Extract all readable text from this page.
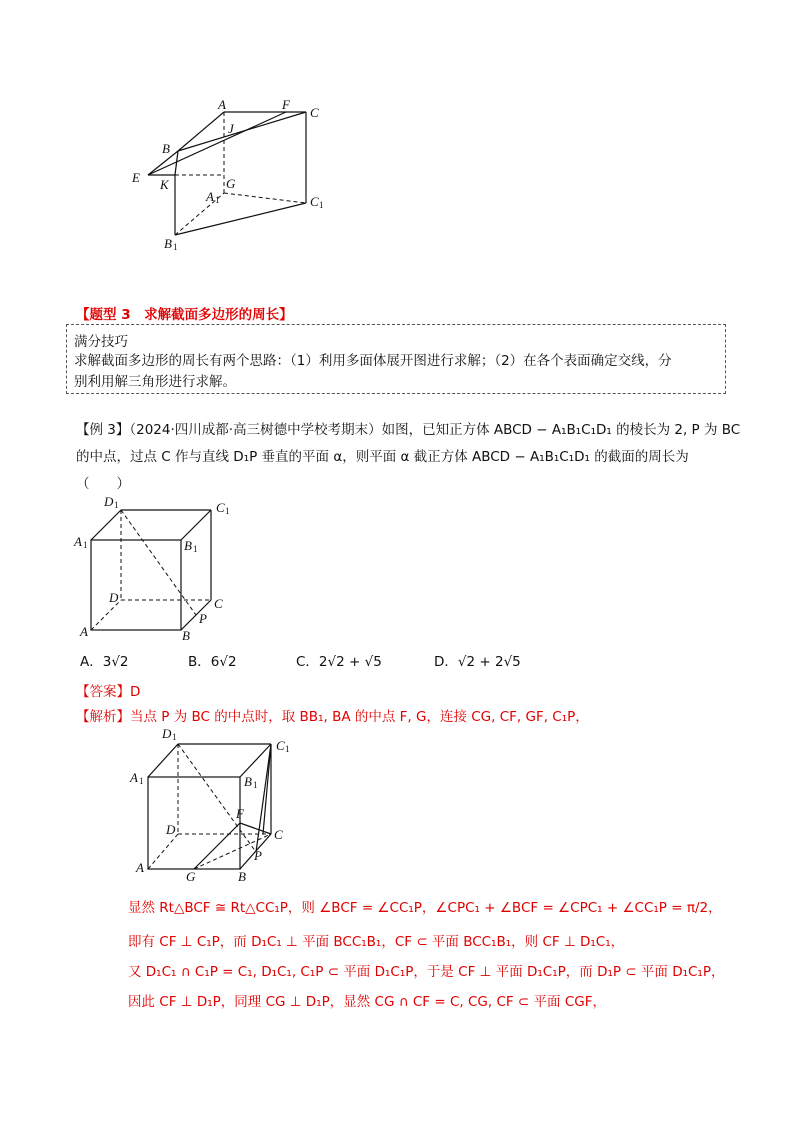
A	F
C
J
B
E K	G
A 1	C 1
B 1
【题型 3　求解截面多边形的周长】
满分技巧
求解截面多边形的周长有两个思路：（1）利用多面体展开图进行求解；（2）在各个表面确定交线，分
别利用解三角形进行求解。
【例 3】（2024·四川成都·高三树德中学校考期末）如图，已知正方体 ABCD − A₁B₁C₁D₁ 的棱长为 2, P 为 BC
的中点，过点 C 作与直线 D₁P 垂直的平面 α，则平面 α 截正方体 ABCD − A₁B₁C₁D₁ 的截面的周长为
（　　）
D 1	C 1
A 1	B 1
D	C
P
A	B
A．3√2	B．6√2	C．2√2 + √5	D．√2 + 2√5
【答案】D
【解析】当点 P 为 BC 的中点时，取 BB₁, BA 的中点 F, G，连接 CG, CF, GF, C₁P，
D 1
C 1
A 1	B 1
F
D	C
P
A
G	B
显然 Rt△BCF ≅ Rt△CC₁P，则 ∠BCF = ∠CC₁P，∠CPC₁ + ∠BCF = ∠CPC₁ + ∠CC₁P = π/2，
即有 CF ⊥ C₁P，而 D₁C₁ ⊥ 平面 BCC₁B₁，CF ⊂ 平面 BCC₁B₁，则 CF ⊥ D₁C₁，
又 D₁C₁ ∩ C₁P = C₁, D₁C₁, C₁P ⊂ 平面 D₁C₁P，于是 CF ⊥ 平面 D₁C₁P，而 D₁P ⊂ 平面 D₁C₁P，
因此 CF ⊥ D₁P，同理 CG ⊥ D₁P，显然 CG ∩ CF = C, CG, CF ⊂ 平面 CGF，
